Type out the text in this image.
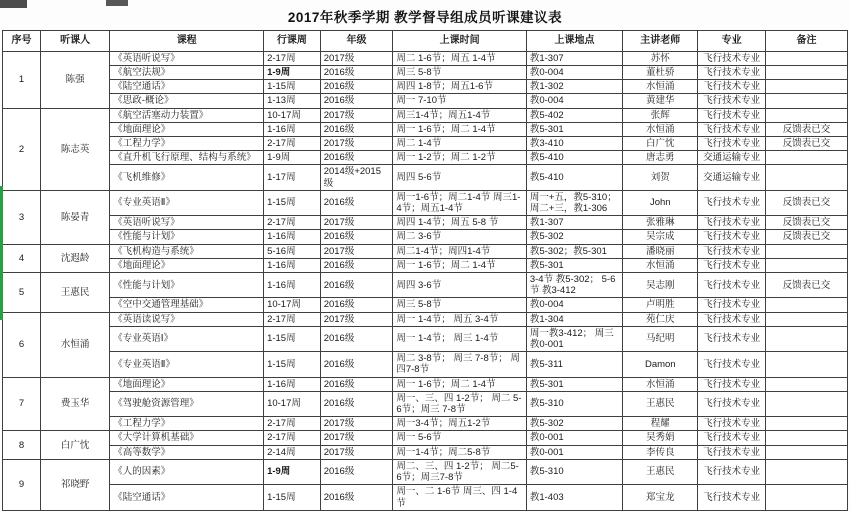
2017年秋季学期 教学督导组成员听课建议表
序号	听课人	课程	行课周	年级	上课时间	上课地点	主讲老师	专业	备注
1	陈强	《英语听说写》	2-17周	2017级	周二 1-6节；周五 1-4节	教1-307	苏怀	飞行技术专业	
		《航空法规》	1-9周	2016级	周三 5-8节	教0-004	董杜骄	飞行技术专业	
		《陆空通话》	1-15周	2016级	周四 1-8节；周五1-6节	教1-302	水恒涌	飞行技术专业	
		《思政-概论》	1-13周	2016级	周一 7-10节	教0-004	黄建华	飞行技术专业	
2	陈志英	《航空活塞动力装置》	10-17周	2017级	周三1-4节；周五1-4节	教5-402	张辉	飞行技术专业	
		《地面理论》	1-16周	2016级	周一 1-6节；周二 1-4节	教5-301	水恒涌	飞行技术专业	反馈表已交
		《工程力学》	2-17周	2017级	周二 1-4节	教3-410	白广忱	飞行技术专业	反馈表已交
		《直升机飞行原理、结构与系统》	1-9周	2016级	周一 1-2节；周二 1-2节	教5-410	唐志勇	交通运输专业	
		《飞机维修》	1-17周	2014级+2015级	周四 5-6节	教5-410	刘贺	交通运输专业	
3	陈晏青	《专业英语Ⅱ》	1-15周	2016级	周一1-6节；周二1-4节 周三1-4节；周五1-4节	周一+五，教5-310；周二+三，教1-306	John	飞行技术专业	反馈表已交
		《英语听说写》	2-17周	2017级	周四 1-4节；周五 5-8 节	教1-307	张雅琳	飞行技术专业	反馈表已交
		《性能与计划》	1-16周	2016级	周二 3-6节	教5-302	吴宗成	飞行技术专业	反馈表已交
4	沈遐龄	《飞机构造与系统》	5-16周	2017级	周二1-4节；周四1-4节	教5-302；教5-301	潘晓丽	飞行技术专业	
		《地面理论》	1-16周	2016级	周一 1-6节；周二 1-4节	教5-301	水恒涌	飞行技术专业	
5	王惠民	《性能与计划》	1-16周	2016级	周四 3-6节	3-4节 教5-302； 5-6节 教3-412	吴志刚	飞行技术专业	反馈表已交
		《空中交通管理基础》	10-17周	2016级	周三 5-8节	教0-004	卢明胜	飞行技术专业	
6	水恒涌	《英语读说写》	2-17周	2017级	周一 1-4节； 周五 3-4节	教1-304	苑仁庆	飞行技术专业	
		《专业英语Ⅰ》	1-15周	2016级	周一 1-4节； 周三 1-4节	周一教3-412； 周三教0-001	马纪明	飞行技术专业	
		《专业英语Ⅱ》	1-15周	2016级	周二 3-8节； 周三 7-8节； 周四7-8节	教5-311	Damon	飞行技术专业	
7	费玉华	《地面理论》	1-16周	2016级	周一 1-6节；周二 1-4节	教5-301	水恒涌	飞行技术专业	
		《驾驶舱资源管理》	10-17周	2016级	周一、三、四 1-2节； 周二 5-6节；周三 7-8节	教5-310	王惠民	飞行技术专业	
		《工程力学》	2-17周	2017级	周一3-4节；周五1-2节	教5-302	程耀	飞行技术专业	
8	白广忱	《大学计算机基础》	2-17周	2017级	周一 5-6节	教0-001	吴秀娟	飞行技术专业	
		《高等数学》	2-14周	2017级	周一1-4节；周二5-8节	教0-001	李传良	飞行技术专业	
9	祁晓野	《人的因素》	1-9周	2016级	周二、三、四 1-2节； 周二5-6节；周三7-8节	教5-310	王惠民	飞行技术专业	
		《陆空通话》	1-15周	2016级	周一、二 1-6节 周三、四 1-4节	教1-403	郑宝龙	飞行技术专业	
